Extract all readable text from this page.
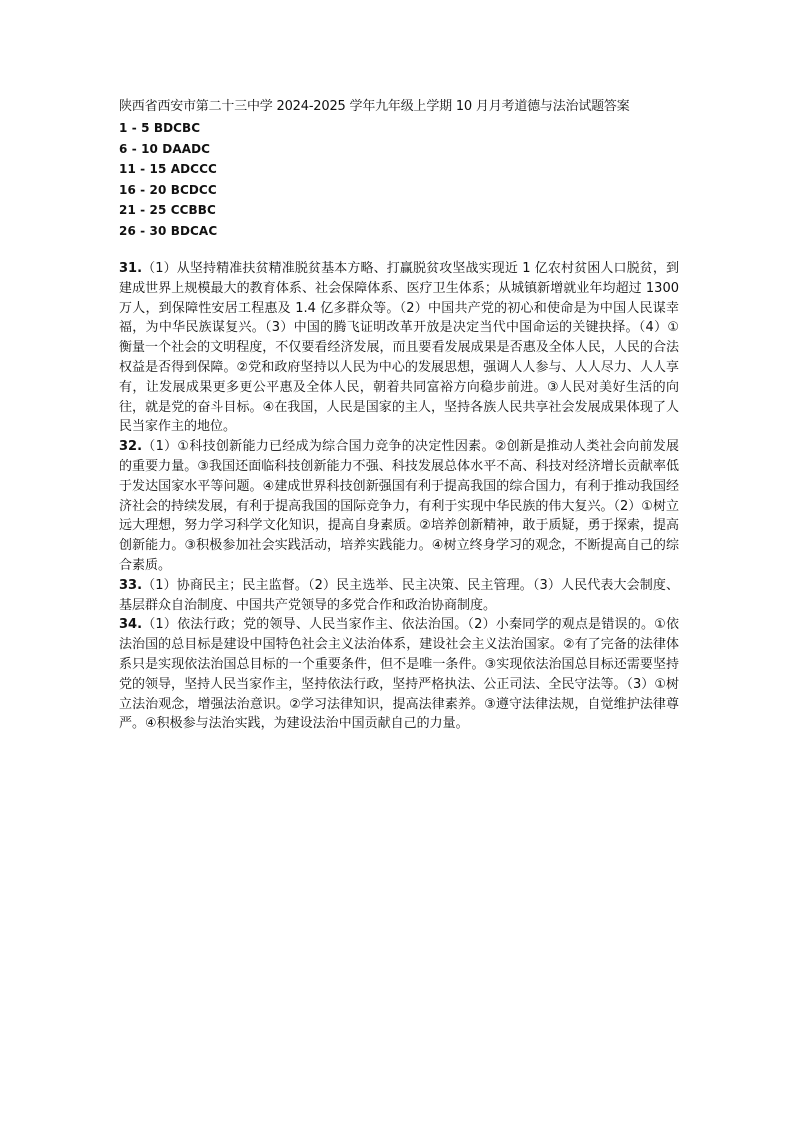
陕西省西安市第二十三中学 2024-2025 学年九年级上学期 10 月月考道德与法治试题答案
1 - 5 BDCBC
6 - 10 DAADC
11 - 15 ADCCC
16 - 20 BCDCC
21 - 25 CCBBC
26 - 30 BDCAC

31.（1）从坚持精准扶贫精准脱贫基本方略、打赢脱贫攻坚战实现近 1 亿农村贫困人口脱贫，到建成世界上规模最大的教育体系、社会保障体系、医疗卫生体系；从城镇新增就业年均超过 1300 万人，到保障性安居工程惠及 1.4 亿多群众等。（2）中国共产党的初心和使命是为中国人民谋幸福，为中华民族谋复兴。（3）中国的腾飞证明改革开放是决定当代中国命运的关键抉择。（4）①衡量一个社会的文明程度，不仅要看经济发展，而且要看发展成果是否惠及全体人民，人民的合法权益是否得到保障。②党和政府坚持以人民为中心的发展思想，强调人人参与、人人尽力、人人享有，让发展成果更多更公平惠及全体人民，朝着共同富裕方向稳步前进。③人民对美好生活的向往，就是党的奋斗目标。④在我国，人民是国家的主人，坚持各族人民共享社会发展成果体现了人民当家作主的地位。

32.（1）①科技创新能力已经成为综合国力竞争的决定性因素。②创新是推动人类社会向前发展的重要力量。③我国还面临科技创新能力不强、科技发展总体水平不高、科技对经济增长贡献率低于发达国家水平等问题。④建成世界科技创新强国有利于提高我国的综合国力，有利于推动我国经济社会的持续发展，有利于提高我国的国际竞争力，有利于实现中华民族的伟大复兴。（2）①树立远大理想，努力学习科学文化知识，提高自身素质。②培养创新精神，敢于质疑，勇于探索，提高创新能力。③积极参加社会实践活动，培养实践能力。④树立终身学习的观念，不断提高自己的综合素质。

33.（1）协商民主；民主监督。（2）民主选举、民主决策、民主管理。（3）人民代表大会制度、基层群众自治制度、中国共产党领导的多党合作和政治协商制度。

34.（1）依法行政；党的领导、人民当家作主、依法治国。（2）小秦同学的观点是错误的。①依法治国的总目标是建设中国特色社会主义法治体系，建设社会主义法治国家。②有了完备的法律体系只是实现依法治国总目标的一个重要条件，但不是唯一条件。③实现依法治国总目标还需要坚持党的领导，坚持人民当家作主，坚持依法行政，坚持严格执法、公正司法、全民守法等。（3）①树立法治观念，增强法治意识。②学习法律知识，提高法律素养。③遵守法律法规，自觉维护法律尊严。④积极参与法治实践，为建设法治中国贡献自己的力量。
